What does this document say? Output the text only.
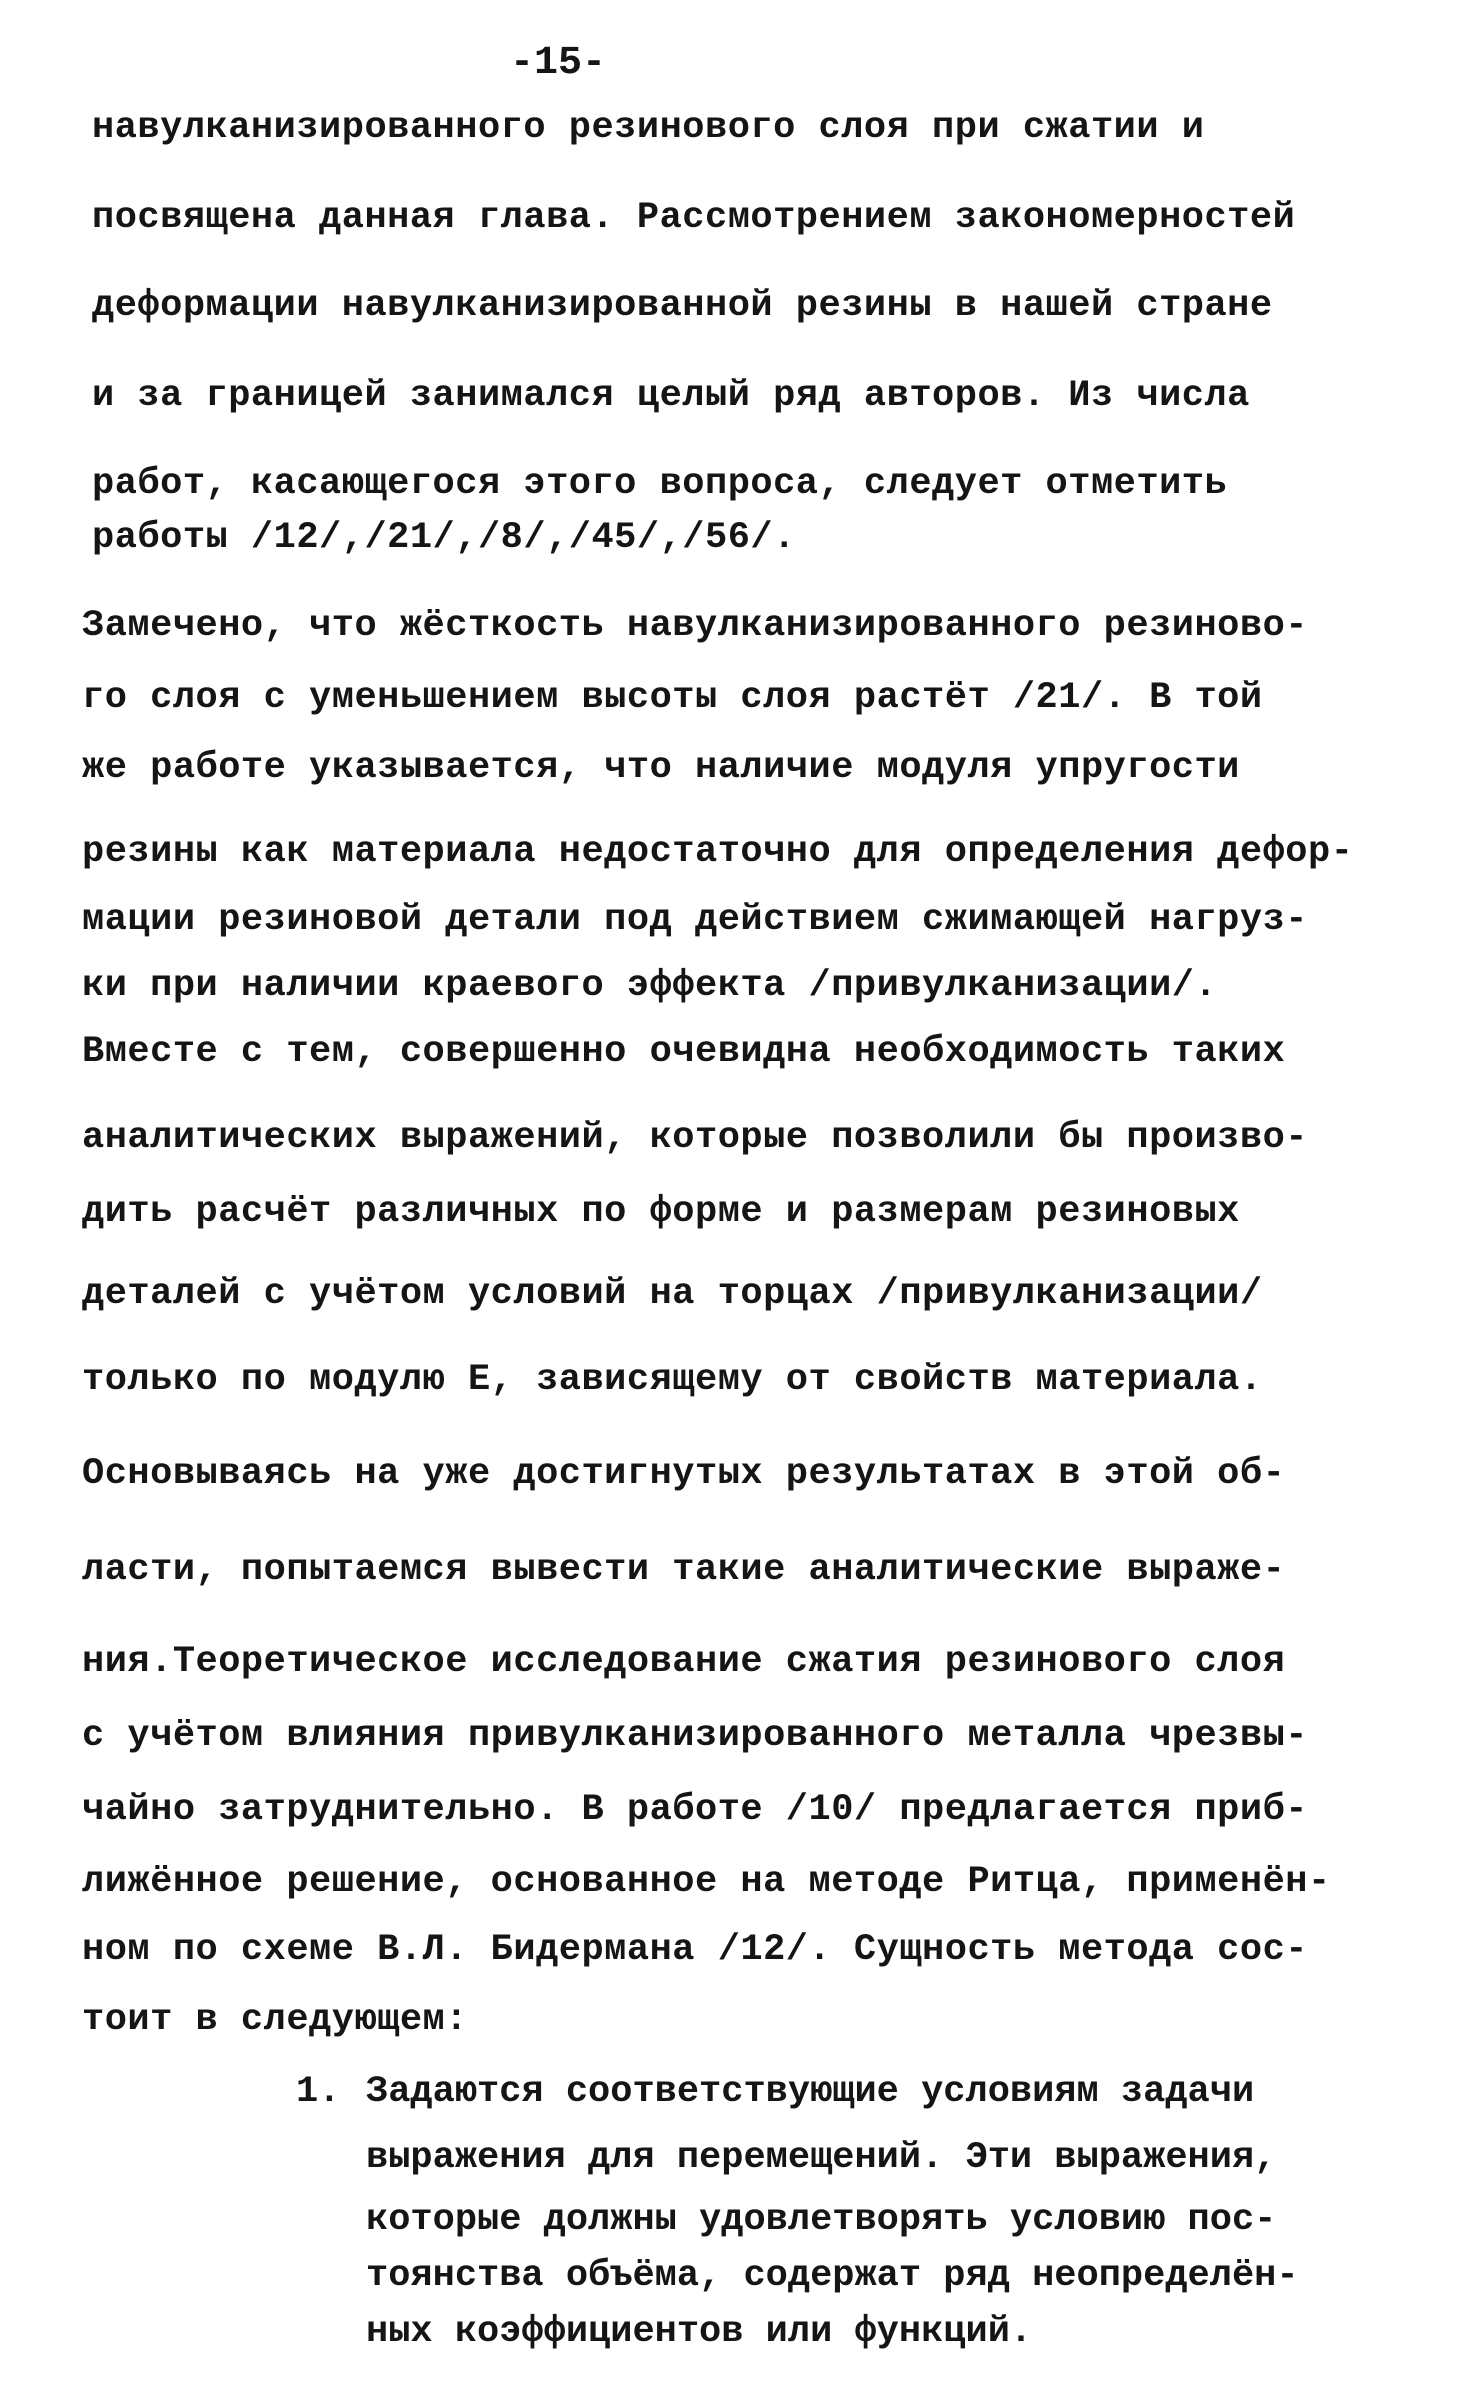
-15-
навулканизированного резинового слоя при сжатии и
посвящена данная глава. Рассмотрением закономерностей
деформации навулканизированной резины в нашей стране
и за границей занимался целый ряд авторов. Из числа
работ, касающегося этого вопроса, следует отметить
работы /12/,/21/,/8/,/45/,/56/.
Замечено, что жёсткость навулканизированного резиново-
го слоя с уменьшением высоты слоя растёт /21/. В той
же работе указывается, что наличие модуля упругости
резины как материала недостаточно для определения дефор-
мации резиновой детали под действием сжимающей нагруз-
ки при наличии краевого эффекта /привулканизации/.
Вместе с тем, совершенно очевидна необходимость таких
аналитических выражений, которые позволили бы произво-
дить расчёт различных по форме и размерам резиновых
деталей с учётом условий на торцах /привулканизации/
только по модулю Е, зависящему от свойств материала.
Основываясь на уже достигнутых результатах в этой об-
ласти, попытаемся вывести такие аналитические выраже-
ния.Теоретическое исследование сжатия резинового слоя
с учётом влияния привулканизированного металла чрезвы-
чайно затруднительно. В работе /10/ предлагается приб-
лижённое решение, основанное на методе Ритца, применён-
ном по схеме В.Л. Бидермана /12/. Сущность метода сос-
тоит в следующем:
1. Задаются соответствующие условиям задачи
выражения для перемещений. Эти выражения,
которые должны удовлетворять условию пос-
тоянства объёма, содержат ряд неопределён-
ных коэффициентов или функций.
